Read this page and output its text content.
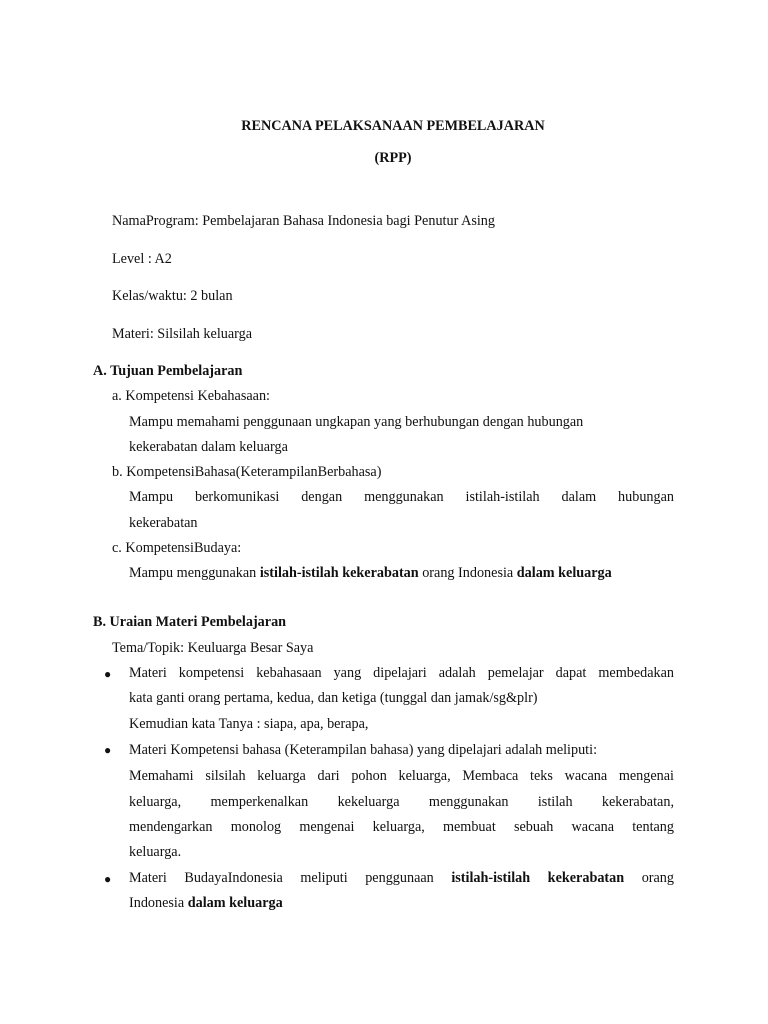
RENCANA PELAKSANAAN PEMBELAJARAN
(RPP)
NamaProgram: Pembelajaran Bahasa Indonesia bagi Penutur Asing
Level : A2
Kelas/waktu: 2 bulan
Materi: Silsilah keluarga
A. Tujuan Pembelajaran
a. Kompetensi Kebahasaan:
Mampu memahami penggunaan ungkapan yang berhubungan dengan hubungan
kekerabatan dalam keluarga
b. KompetensiBahasa(KeterampilanBerbahasa)
Mampu berkomunikasi dengan menggunakan istilah-istilah dalam hubungan
kekerabatan
c. KompetensiBudaya:
Mampu menggunakan istilah-istilah kekerabatan orang Indonesia dalam keluarga
B. Uraian Materi Pembelajaran
Tema/Topik: Keuluarga Besar Saya
● Materi kompetensi kebahasaan yang dipelajari adalah pemelajar dapat membedakan
kata ganti orang pertama, kedua, dan ketiga (tunggal dan jamak/sg&plr)
Kemudian kata Tanya : siapa, apa, berapa,
● Materi Kompetensi bahasa (Keterampilan bahasa) yang dipelajari adalah meliputi:
Memahami silsilah keluarga dari pohon keluarga, Membaca teks wacana mengenai
keluarga, memperkenalkan kekeluarga menggunakan istilah kekerabatan,
mendengarkan monolog mengenai keluarga, membuat sebuah wacana tentang
keluarga.
● Materi BudayaIndonesia meliputi penggunaan istilah-istilah kekerabatan orang
Indonesia dalam keluarga
